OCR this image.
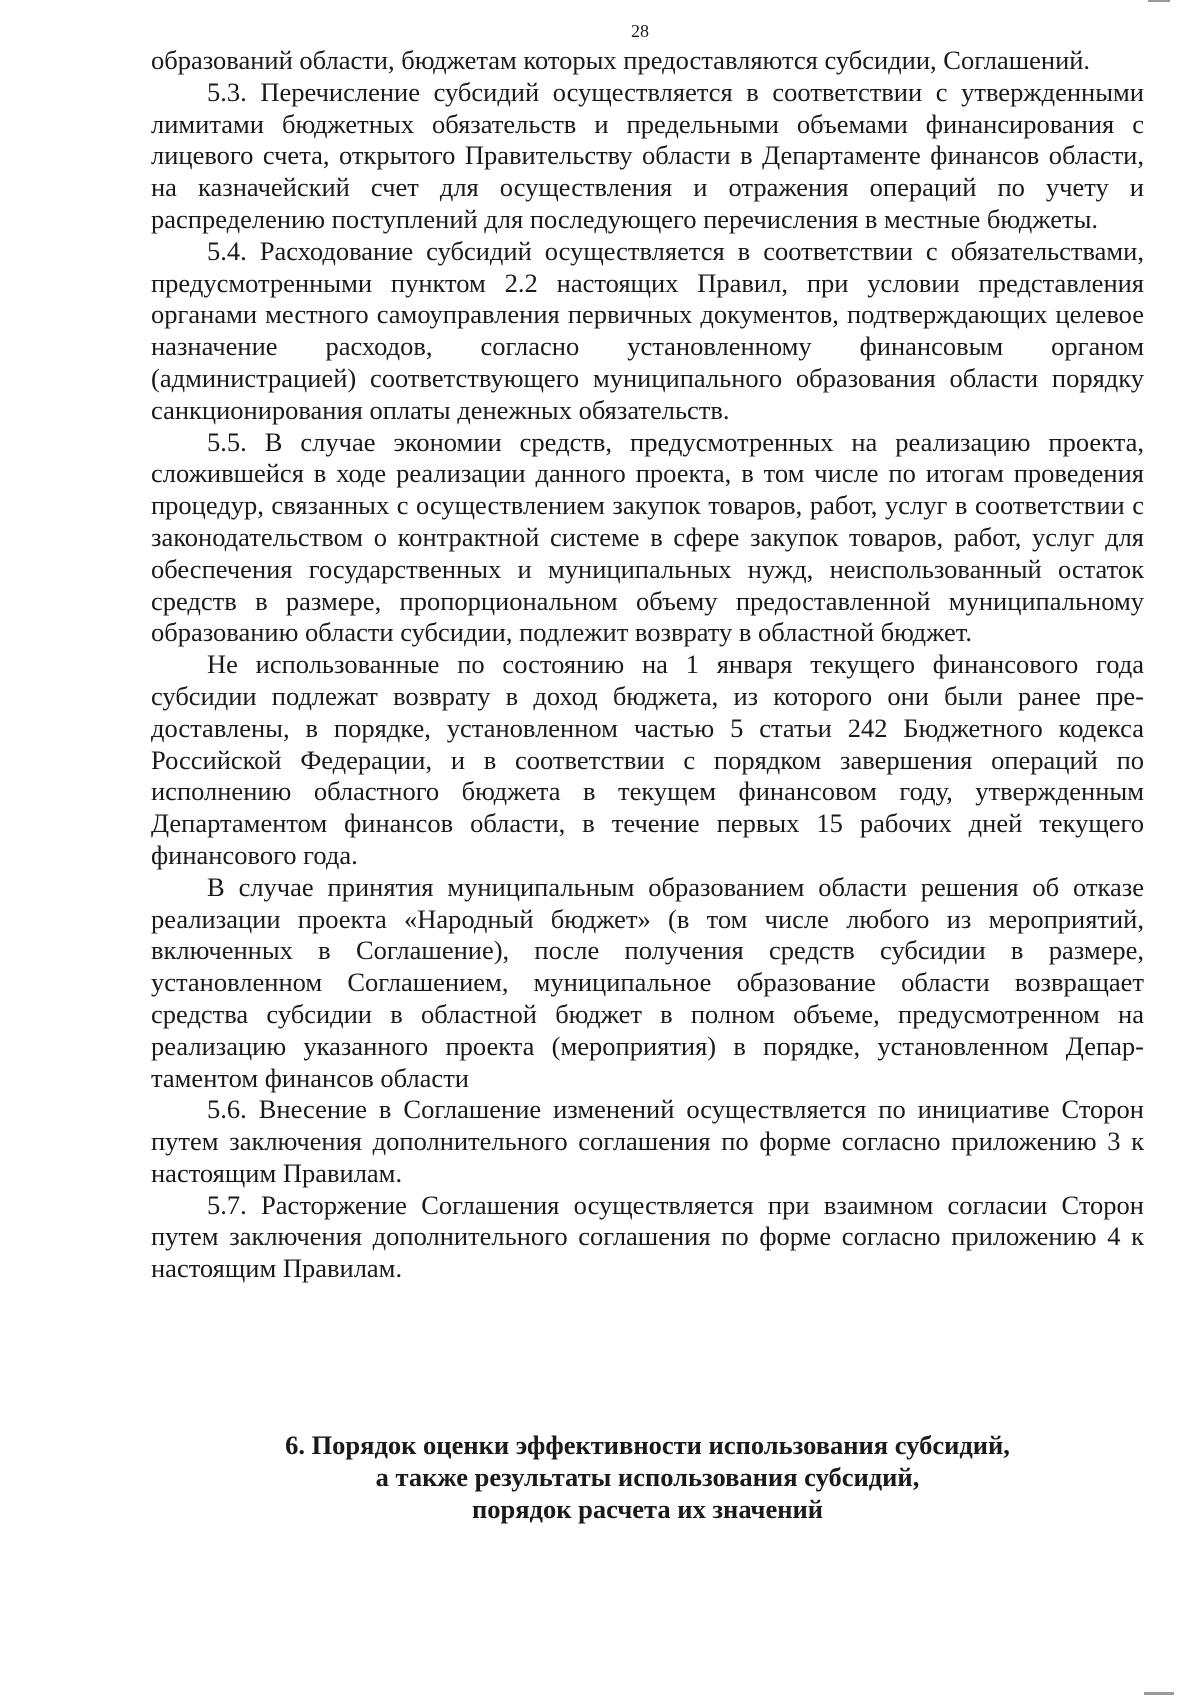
28

образований области, бюджетам которых предоставляются субсидии, Соглашений.

5.3. Перечисление субсидий осуществляется в соответствии с утвержденными лимитами бюджетных обязательств и предельными объемами финансирования с лицевого счета, открытого Правительству области в Департаменте финансов области, на казначейский счет для осуществления и отражения операций по учету и распределению поступлений для последующего перечисления в местные бюджеты.

5.4. Расходование субсидий осуществляется в соответствии с обязательствами, предусмотренными пунктом 2.2 настоящих Правил, при условии представления органами местного самоуправления первичных документов, подтверждающих целевое назначение расходов, согласно установленному финансовым органом (администрацией) соответствующего муниципального образования области порядку санкционирования оплаты денежных обязательств.

5.5. В случае экономии средств, предусмотренных на реализацию проекта, сложившейся в ходе реализации данного проекта, в том числе по итогам проведения процедур, связанных с осуществлением закупок товаров, работ, услуг в соответствии с законодательством о контрактной системе в сфере закупок товаров, работ, услуг для обеспечения государственных и муниципальных нужд, неиспользованный остаток средств в размере, пропорциональном объему предоставленной муниципальному образованию области субсидии, подлежит возврату в областной бюджет.

Не использованные по состоянию на 1 января текущего финансового года субсидии подлежат возврату в доход бюджета, из которого они были ранее предоставлены, в порядке, установленном частью 5 статьи 242 Бюджетного кодекса Российской Федерации, и в соответствии с порядком завершения операций по исполнению областного бюджета в текущем финансовом году, утвержденным Департаментом финансов области, в течение первых 15 рабочих дней текущего финансового года.

В случае принятия муниципальным образованием области решения об отказе реализации проекта «Народный бюджет» (в том числе любого из мероприятий, включенных в Соглашение), после получения средств субсидии в размере, установленном Соглашением, муниципальное образование области возвращает средства субсидии в областной бюджет в полном объеме, предусмотренном на реализацию указанного проекта (мероприятия) в порядке, установленном Департаментом финансов области

5.6. Внесение в Соглашение изменений осуществляется по инициативе Сторон путем заключения дополнительного соглашения по форме согласно приложению 3 к настоящим Правилам.

5.7. Расторжение Соглашения осуществляется при взаимном согласии Сторон путем заключения дополнительного соглашения по форме согласно приложению 4 к настоящим Правилам.

6. Порядок оценки эффективности использования субсидий,
а также результаты использования субсидий,
порядок расчета их значений
